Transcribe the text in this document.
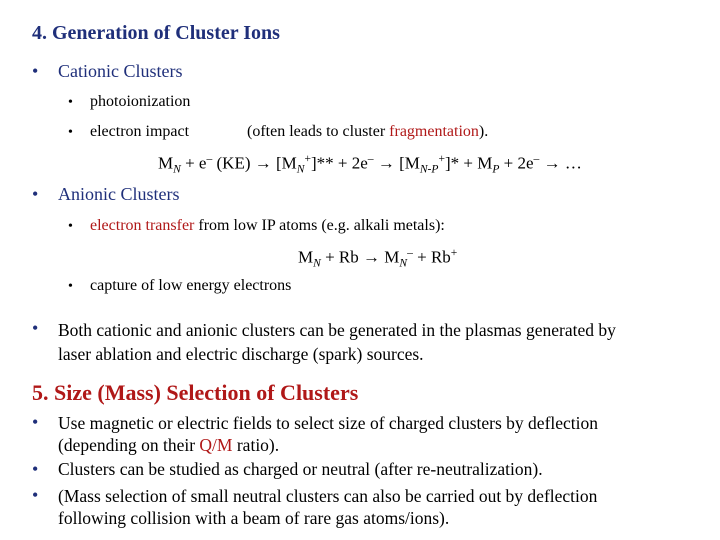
4. Generation of Cluster Ions
• Cationic Clusters
• photoionization
• electron impact	(often leads to cluster fragmentation).
$M_N + e^-$ $(KE) \to [M_N^+]** + 2e^- \to [M_{N-P}^+]* + M_P + 2e^-$ → …
• Anionic Clusters
• electron transfer from low IP atoms (e.g. alkali metals):
$M_N + Rb \to M_N^- + Rb^+$
• capture of low energy electrons
• Both cationic and anionic clusters can be generated in the plasmas generated by
laser ablation and electric discharge (spark) sources.
5. Size (Mass) Selection of Clusters
• Use magnetic or electric fields to select size of charged clusters by deflection
(depending on their Q/M ratio).
• Clusters can be studied as charged or neutral (after re-neutralization).
• (Mass selection of small neutral clusters can also be carried out by deflection
following collision with a beam of rare gas atoms/ions).
